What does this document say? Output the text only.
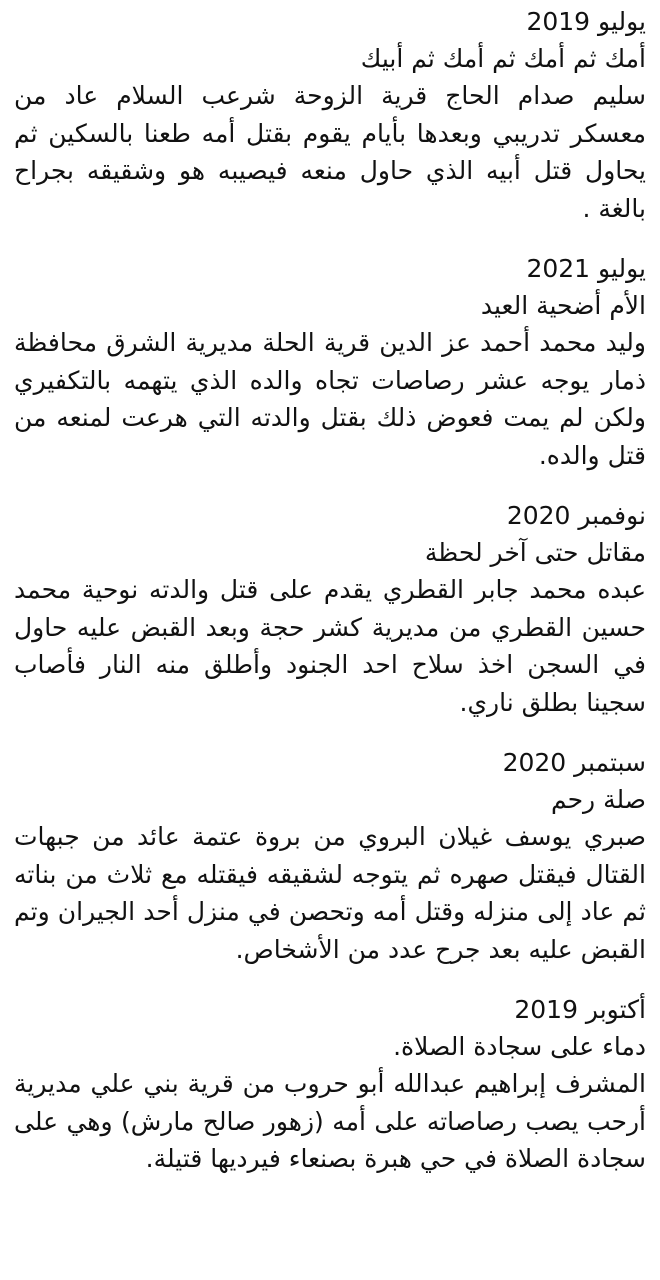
يوليو 2019

أمك ثم أمك ثم أمك ثم أبيك

سليم صدام الحاج قرية الزوحة شرعب السلام عاد من معسكر تدريبي وبعدها بأيام يقوم بقتل أمه طعنا بالسكين ثم يحاول قتل أبيه الذي حاول منعه فيصيبه هو وشقيقه بجراح بالغة .

يوليو 2021

الأم أضحية العيد

وليد محمد أحمد عز الدين قرية الحلة مديرية الشرق محافظة ذمار يوجه عشر رصاصات تجاه والده الذي يتهمه بالتكفيري ولكن لم يمت فعوض ذلك بقتل والدته التي هرعت لمنعه من قتل والده.

نوفمبر 2020

مقاتل حتى آخر لحظة

عبده محمد جابر القطري يقدم على قتل والدته نوحية محمد حسين القطري من مديرية كشر حجة وبعد القبض عليه حاول في السجن اخذ سلاح احد الجنود وأطلق منه النار فأصاب سجينا بطلق ناري.

سبتمبر 2020

صلة رحم

صبري يوسف غيلان البروي من بروة عتمة عائد من جبهات القتال فيقتل صهره ثم يتوجه لشقيقه فيقتله مع ثلاث من بناته ثم عاد إلى منزله وقتل أمه وتحصن في منزل أحد الجيران وتم القبض عليه بعد جرح عدد من الأشخاص.

أكتوبر 2019

دماء على سجادة الصلاة.

المشرف إبراهيم عبدالله أبو حروب من قرية بني علي مديرية أرحب يصب رصاصاته على أمه (زهور صالح مارش) وهي على سجادة الصلاة في حي هبرة بصنعاء فيرديها قتيلة.
